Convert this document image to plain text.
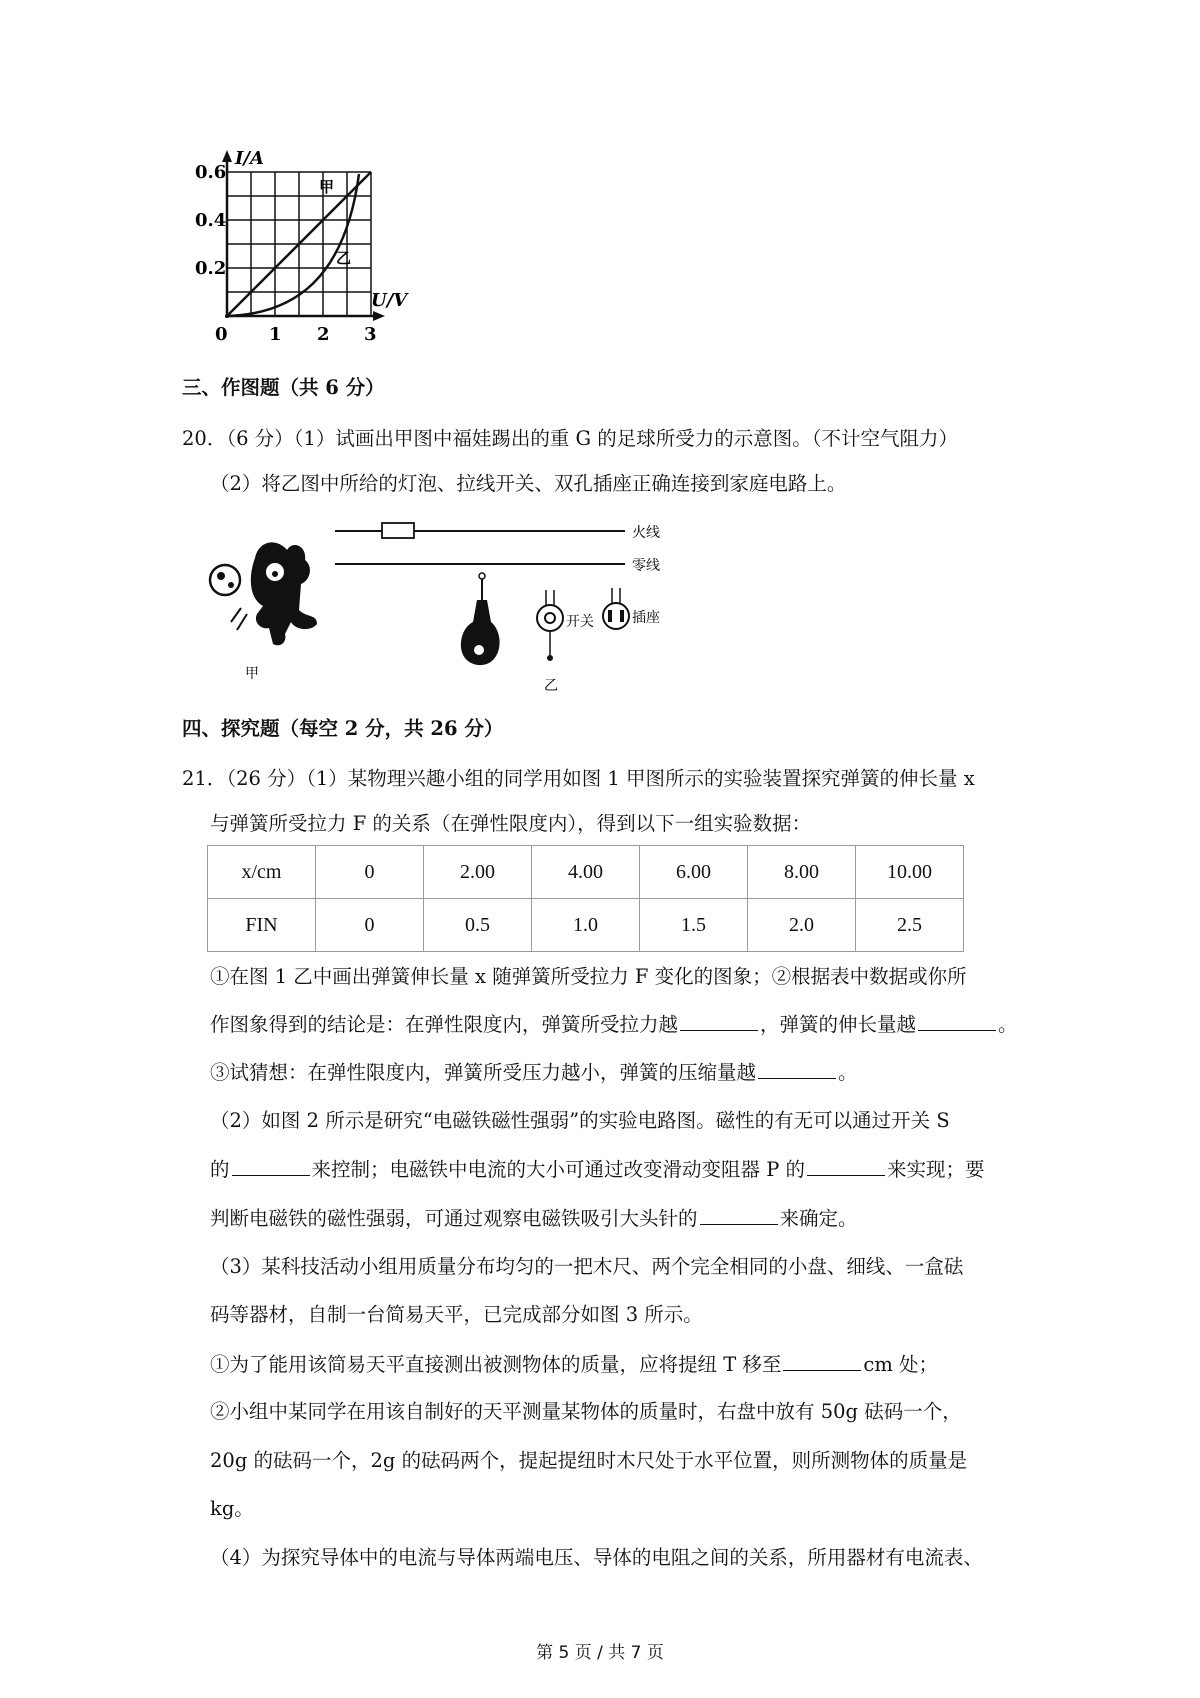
甲
乙
I/A
U/V
0.6
0.4
0.2
0 1 2 3
三、作图题（共 6 分）
20．（6 分）（1）试画出甲图中福娃踢出的重 G 的足球所受力的示意图。（不计空气阻力）
（2）将乙图中所给的灯泡、拉线开关、双孔插座正确连接到家庭电路上。
甲
火线
零线
开关
乙
插座
四、探究题（每空 2 分，共 26 分）
21．（26 分）（1）某物理兴趣小组的同学用如图 1 甲图所示的实验装置探究弹簧的伸长量 x
与弹簧所受拉力 F 的关系（在弹性限度内），得到以下一组实验数据：
x/cm	0	2.00	4.00	6.00	8.00	10.00
FIN	0	0.5	1.0	1.5	2.0	2.5
①在图 1 乙中画出弹簧伸长量 x 随弹簧所受拉力 F 变化的图象；②根据表中数据或你所
作图象得到的结论是：在弹性限度内，弹簧所受拉力越	，弹簧的伸长量越	。
③试猜想：在弹性限度内，弹簧所受压力越小，弹簧的压缩量越	。
（2）如图 2 所示是研究“电磁铁磁性强弱”的实验电路图。磁性的有无可以通过开关 S
的	来控制；电磁铁中电流的大小可通过改变滑动变阻器 P 的	来实现；要
判断电磁铁的磁性强弱，可通过观察电磁铁吸引大头针的	来确定。
（3）某科技活动小组用质量分布均匀的一把木尺、两个完全相同的小盘、细线、一盒砝
码等器材，自制一台简易天平，已完成部分如图 3 所示。
①为了能用该简易天平直接测出被测物体的质量，应将提纽 T 移至	cm 处；
②小组中某同学在用该自制好的天平测量某物体的质量时，右盘中放有 50g 砝码一个，
20g 的砝码一个，2g 的砝码两个，提起提纽时木尺处于水平位置，则所测物体的质量是
kg。
（4）为探究导体中的电流与导体两端电压、导体的电阻之间的关系，所用器材有电流表、
第 5 页 / 共 7 页
